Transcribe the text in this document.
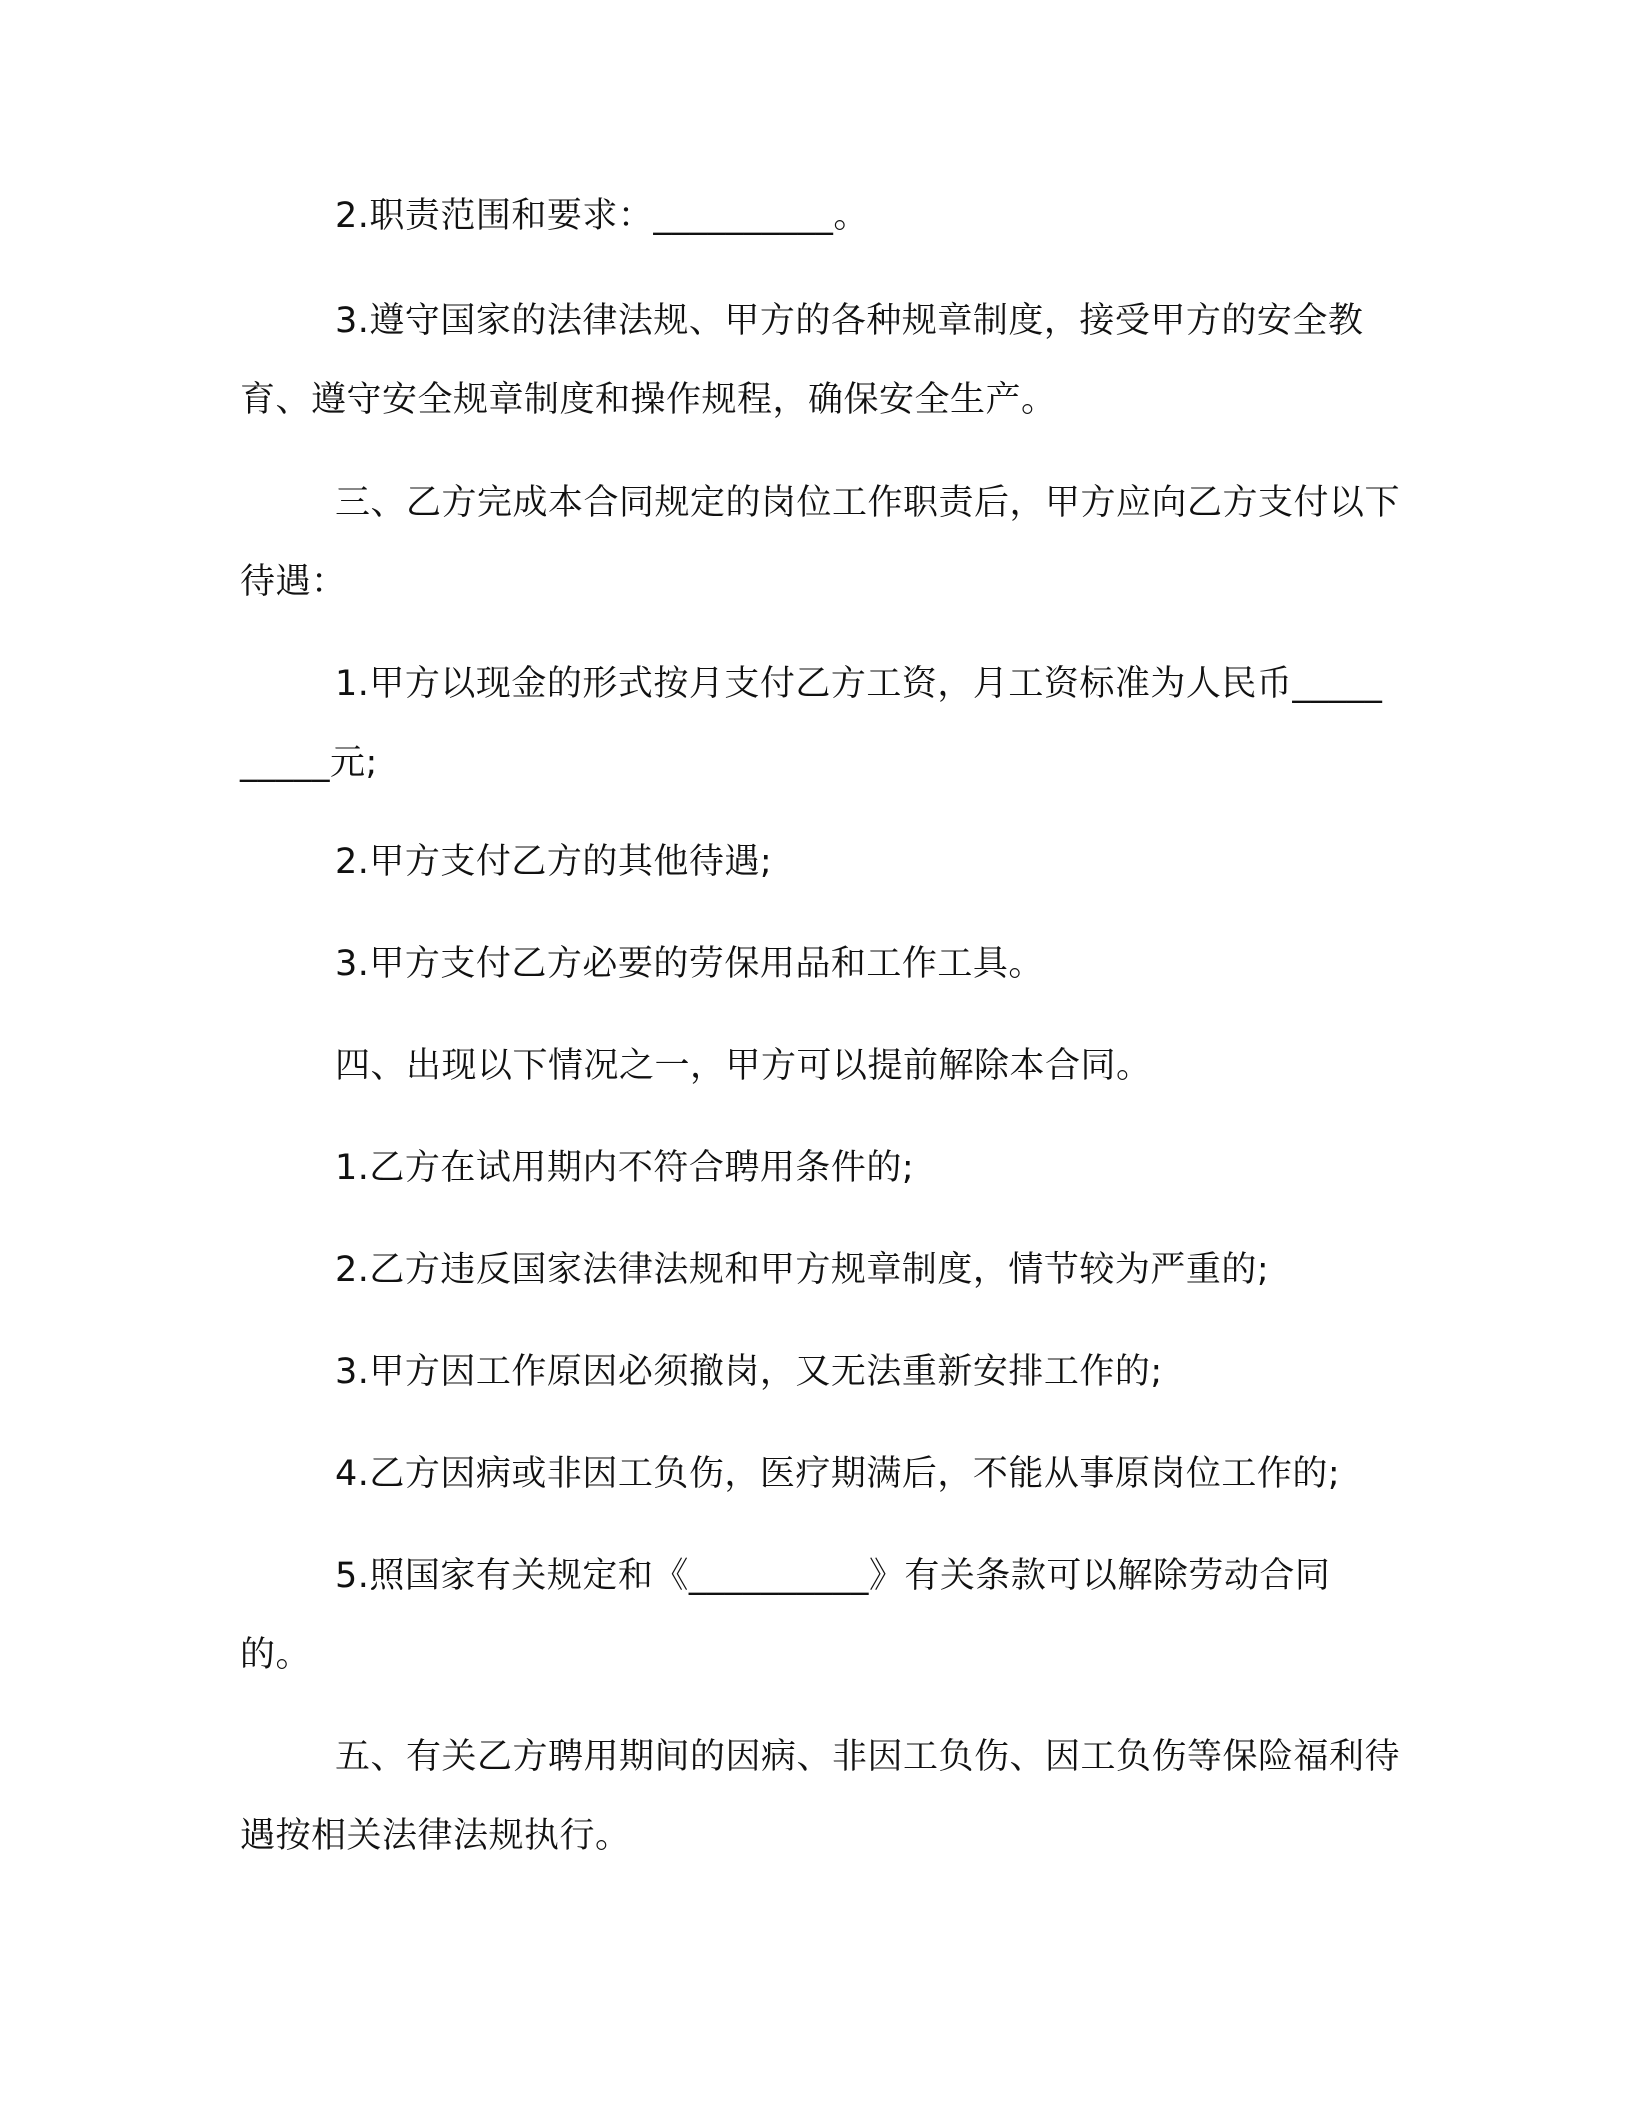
2.职责范围和要求：__________。

3.遵守国家的法律法规、甲方的各种规章制度，接受甲方的安全教育、遵守安全规章制度和操作规程，确保安全生产。

三、乙方完成本合同规定的岗位工作职责后，甲方应向乙方支付以下待遇：

1.甲方以现金的形式按月支付乙方工资，月工资标准为人民币__________元;

2.甲方支付乙方的其他待遇;

3.甲方支付乙方必要的劳保用品和工作工具。

四、出现以下情况之一，甲方可以提前解除本合同。

1.乙方在试用期内不符合聘用条件的;

2.乙方违反国家法律法规和甲方规章制度，情节较为严重的;

3.甲方因工作原因必须撤岗，又无法重新安排工作的;

4.乙方因病或非因工负伤，医疗期满后，不能从事原岗位工作的;

5.照国家有关规定和《__________》有关条款可以解除劳动合同的。

五、有关乙方聘用期间的因病、非因工负伤、因工负伤等保险福利待遇按相关法律法规执行。
